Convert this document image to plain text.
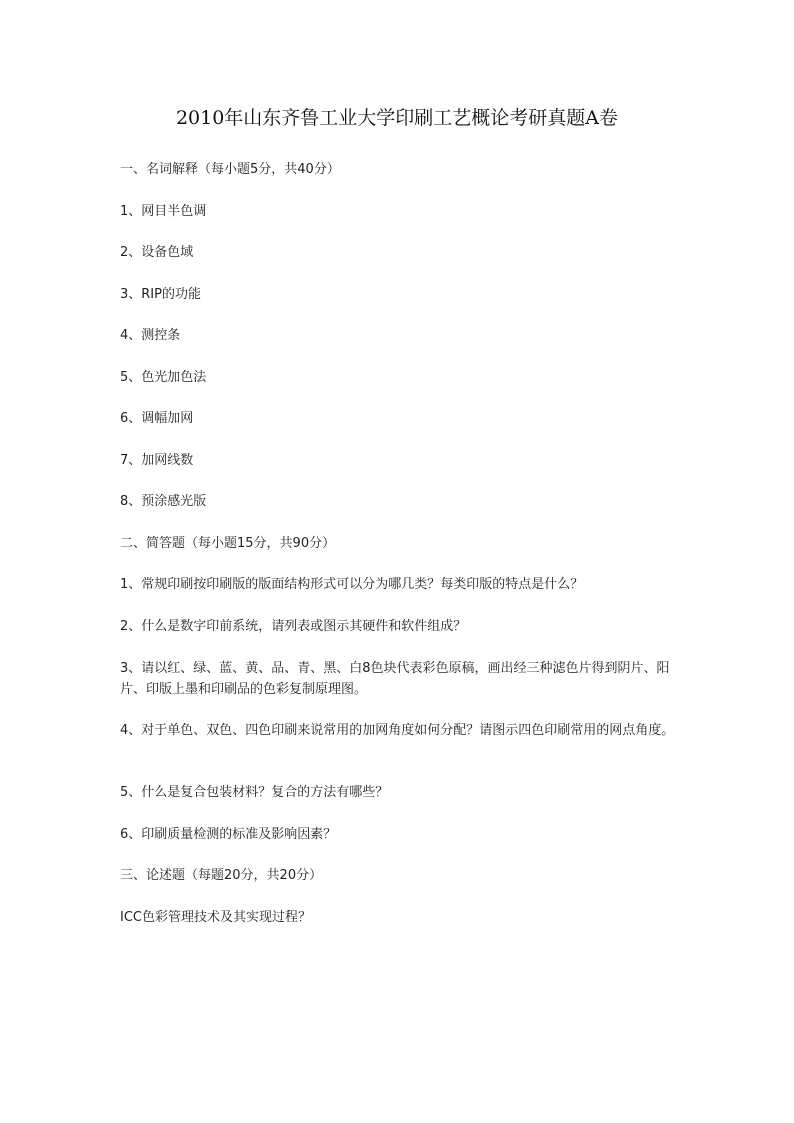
2010年山东齐鲁工业大学印刷工艺概论考研真题A卷

一、名词解释（每小题5分，共40分）

1、网目半色调

2、设备色域

3、RIP的功能

4、测控条

5、色光加色法

6、调幅加网

7、加网线数

8、预涂感光版

二、简答题（每小题15分，共90分）

1、常规印刷按印刷版的版面结构形式可以分为哪几类？每类印版的特点是什么？

2、什么是数字印前系统，请列表或图示其硬件和软件组成？

3、请以红、绿、蓝、黄、品、青、黑、白8色块代表彩色原稿，画出经三种滤色片得到阴片、阳片、印版上墨和印刷品的色彩复制原理图。

4、对于单色、双色、四色印刷来说常用的加网角度如何分配？请图示四色印刷常用的网点角度。

5、什么是复合包装材料？复合的方法有哪些？

6、印刷质量检测的标准及影响因素？

三、论述题（每题20分，共20分）

ICC色彩管理技术及其实现过程？
